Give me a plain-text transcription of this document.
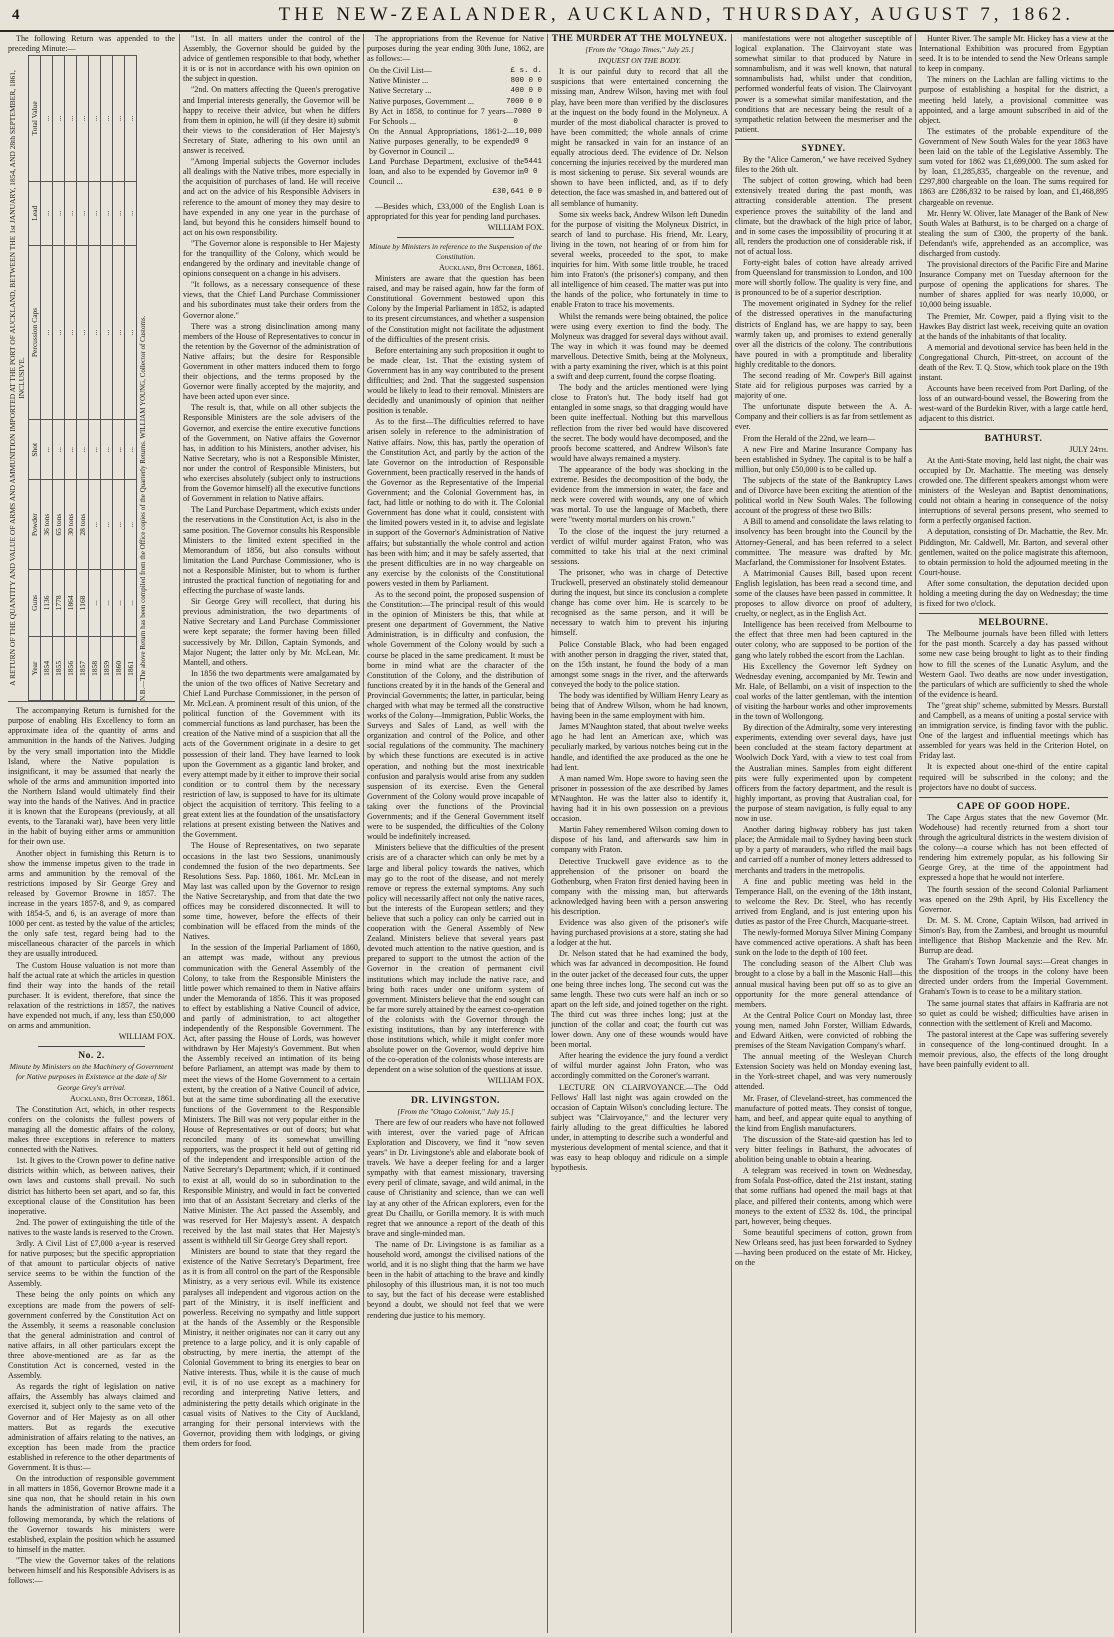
4	THE NEW-ZEALANDER, AUCKLAND, THURSDAY, AUGUST 7, 1862.

The following Return was appended to the preceding Minute:—

A RETURN OF THE QUANTITY AND VALUE OF ARMS AND AMMUNITION IMPORTED AT THE PORT OF AUCKLAND, BETWEEN THE 1st JANUARY, 1854, AND 28th SEPTEMBER, 1861, INCLUSIVE.
Year	Guns	Powder	Shot	Percussion Caps	Lead	Total Value
1854	1136	36 tons	...	...	...	...
1855	1778	65 tons	...	...	...	...
1856	1864	30 tons	...	...	...	...
1857	1168	28 tons	...	...	...	...
1858	...	...	...	...	...	...
1859	...	...	...	...	...	...
1860	...	...	...	...	...	...
1861	...	...	...	...	...	...
N.B.—The above Return has been compiled from the Office copies of the Quarterly Returns. WILLIAM YOUNG, Collector of Customs.

The accompanying Return is furnished for the purpose of enabling His Excellency to form an approximate idea of the quantity of arms and ammunition in the hands of the Natives. Judging by the very small importation into the Middle Island, where the Native population is insignificant, it may be assumed that nearly the whole of the arms and ammunition imported into the Northern Island would ultimately find their way into the hands of the Natives. And in practice it is known that the Europeans (previously, at all events, to the Taranaki war), have been very little in the habit of buying either arms or ammunition for their own use.

Another object in furnishing this Return is to show the immense impetus given to the trade in arms and ammunition by the removal of the restrictions imposed by Sir George Grey and released by Governor Browne in 1857. The increase in the years 1857-8, and 9, as compared with 1854-5, and 6, is an average of more than 1000 per cent. as tested by the value of the articles; the only safe test, regard being had to the miscellaneous character of the parcels in which they are usually introduced.

The Custom House valuation is not more than half the actual rate at which the articles in question find their way into the hands of the retail purchaser. It is evident, therefore, that since the relaxation of the restrictions in 1857, the natives have expended not much, if any, less than £50,000 on arms and ammunition.

WILLIAM FOX.

No. 2.

Minute by Ministers on the Machinery of Government for Native purposes in Existence at the date of Sir George Grey's arrival.

Auckland, 8th October, 1861.

The Constitution Act, which, in other respects confers on the colonists the fullest powers of managing all the domestic affairs of the colony, makes three exceptions in reference to matters connected with the Natives.

1st. It gives to the Crown power to define native districts within which, as between natives, their own laws and customs shall prevail. No such district has hitherto been set apart, and so far, this exceptional clause of the Constitution has been inoperative.

2nd. The power of extinguishing the title of the natives to the waste lands is reserved to the Crown.

3rdly. A Civil List of £7,000 a-year is reserved for native purposes; but the specific appropriation of that amount to particular objects of native service seems to be within the function of the Assembly.

These being the only points on which any exceptions are made from the powers of self-government conferred by the Constitution Act on the Assembly, it seems a reasonable conclusion that the general administration and control of native affairs, in all other particulars except the three above-mentioned are as far as the Constitution Act is concerned, vested in the Assembly.

As regards the right of legislation on native affairs, the Assembly has always claimed and exercised it, subject only to the same veto of the Governor and of Her Majesty as on all other matters. But as regards the executive administration of affairs relating to the natives, an exception has been made from the practice established in reference to the other departments of Government. It is thus:—

On the introduction of responsible government in all matters in 1856, Governor Browne made it a sine qua non, that he should retain in his own hands the administration of native affairs. The following memoranda, by which the relations of the Governor towards his ministers were established, explain the position which he assumed to himself in the matter.

"The view the Governor takes of the relations between himself and his Responsible Advisers is as follows:—

"1st. In all matters under the control of the Assembly, the Governor should be guided by the advice of gentlemen responsible to that body, whether it is or is not in accordance with his own opinion on the subject in question.

"2nd. On matters affecting the Queen's prerogative and Imperial interests generally, the Governor will be happy to receive their advice, but when he differs from them in opinion, he will (if they desire it) submit their views to the consideration of Her Majesty's Secretary of State, adhering to his own until an answer is received.

"Among Imperial subjects the Governor includes all dealings with the Native tribes, more especially in the acquisition of purchases of land. He will receive and act on the advice of his Responsible Advisers in reference to the amount of money they may desire to have expended in any one year in the purchase of land, but beyond this he considers himself bound to act on his own responsibility.

"The Governor alone is responsible to Her Majesty for the tranquillity of the Colony, which would be endangered by the ordinary and inevitable change of opinions consequent on a change in his advisers.

"It follows, as a necessary consequence of these views, that the Chief Land Purchase Commissioner and his subordinates must take their orders from the Governor alone."

There was a strong disinclination among many members of the House of Representatives to concur in the retention by the Governor of the administration of Native affairs; but the desire for Responsible Government in other matters induced them to forgo their objections, and the terms proposed by the Governor were finally accepted by the majority, and have been acted upon ever since.

The result is, that, while on all other subjects the Responsible Ministers are the sole advisers of the Governor, and exercise the entire executive functions of the Government, on Native affairs the Governor has, in addition to his Ministers, another adviser, his Native Secretary, who is not a Responsible Minister, nor under the control of Responsible Ministers, but who exercises absolutely (subject only to instructions from the Governor himself) all the executive functions of Government in relation to Native affairs.

The Land Purchase Department, which exists under the reservations in the Constitution Act, is also in the same position. The Governor consults his Responsible Ministers to the limited extent specified in the Memorandum of 1856, but also consults without limitation the Land Purchase Commissioner, who is not a Responsible Minister, but to whom is further intrusted the practical function of negotiating for and effecting the purchase of waste lands.

Sir George Grey will recollect, that during his previous administration, the two departments of Native Secretary and Land Purchase Commissioner were kept separate; the former having been filled successively by Mr. Dillon, Captain Symonds, and Major Nugent; the latter only by Mr. McLean, Mr. Mantell, and others.

In 1856 the two departments were amalgamated by the union of the two offices of Native Secretary and Chief Land Purchase Commissioner, in the person of Mr. McLean. A prominent result of this union, of the political function of the Government with its commercial functions as land purchaser, has been the creation of the Native mind of a suspicion that all the acts of the Government originate in a desire to get possession of their land. They have learned to look upon the Government as a gigantic land broker, and every attempt made by it either to improve their social condition or to control them by the necessary restriction of law, is supposed to have for its ultimate object the acquisition of territory. This feeling to a great extent lies at the foundation of the unsatisfactory relations at present existing between the Natives and the Government.

The House of Representatives, on two separate occasions in the last two Sessions, unanimously condemned the fusion of the two departments. See Resolutions Sess. Pap. 1860, 1861. Mr. McLean in May last was called upon by the Governor to resign the Native Secretaryship, and from that date the two offices may be considered disconnected. It will to some time, however, before the effects of their combination will be effaced from the minds of the Natives.

In the session of the Imperial Parliament of 1860, an attempt was made, without any previous communication with the General Assembly of the Colony, to take from the Responsible Ministers the little power which remained to them in Native affairs under the Memoranda of 1856. This it was proposed to effect by establishing a Native Council of advice, and partly of administration, to act altogether independently of the Responsible Government. The Act, after passing the House of Lords, was however withdrawn by Her Majesty's Government. But when the Assembly received an intimation of its being before Parliament, an attempt was made by them to meet the views of the Home Government to a certain extent, by the creation of a Native Council of advice, but at the same time subordinating all the executive functions of the Government to the Responsible Ministers. The Bill was not very popular either in the House of Representatives or out of doors; but what reconciled many of its somewhat unwilling supporters, was the prospect it held out of getting rid of the independent and irresponsible action of the Native Secretary's Department; which, if it continued to exist at all, would do so in subordination to the Responsible Ministry, and would in fact be converted into that of an Assistant Secretary and clerks of the Native Minister. The Act passed the Assembly, and was reserved for Her Majesty's assent. A despatch received by the last mail states that Her Majesty's assent is withheld till Sir George Grey shall report.

Ministers are bound to state that they regard the existence of the Native Secretary's Department, free as it is from all control on the part of the Responsible Ministry, as a very serious evil. While its existence paralyses all independent and vigorous action on the part of the Ministry, it is itself inefficient and powerless. Receiving no sympathy and little support at the hands of the Assembly or the Responsible Ministry, it neither originates nor can it carry out any pretence to a large policy, and it is only capable of obstructing, by mere inertia, the attempt of the Colonial Government to bring its energies to bear on Native interests. Thus, while it is the cause of much evil, it is of no use except as a machinery for recording and interpreting Native letters, and administering the petty details which originate in the casual visits of Natives to the City of Auckland, arranging for their personal interviews with the Governor, providing them with lodgings, or giving them orders for food.

The appropriations from the Revenue for Native purposes during the year ending 30th June, 1862, are as follows:—

On the Civil List—	£ s. d.
Native Minister ...	800 0 0
Native Secretary ...	400 0 0
Native purposes, Government ...	7000 0 0
By Act in 1858, to continue for 7 years—For Schools ...
7000 0 0
On the Annual Appropriations, 1861-2—Native purposes generally, to be expended by Governor in Council ...
10,000 0 0
Land Purchase Department, exclusive of the loan, and also to be expended by Governor in Council ...
5441 0 0
£30,641 0 0

—Besides which, £33,000 of the English Loan is appropriated for this year for pending land purchases.

WILLIAM FOX.

Minute by Ministers in reference to the Suspension of the Constitution.

Auckland, 8th October, 1861.

Ministers are aware that the question has been raised, and may be raised again, how far the form of Constitutional Government bestowed upon this Colony by the Imperial Parliament in 1852, is adapted to its present circumstances, and whether a suspension of the Constitution might not facilitate the adjustment of the difficulties of the present crisis.

Before entertaining any such proposition it ought to be made clear, 1st. That the existing system of Government has in any way contributed to the present difficulties; and 2nd. That the suggested suspension would be likely to lead to their removal. Ministers are decidedly and unanimously of opinion that neither position is tenable.

As to the first—The difficulties referred to have arisen solely in reference to the administration of Native affairs. Now, this has, partly the operation of the Constitution Act, and partly by the action of the late Governor on the introduction of Responsible Government, been practically reserved in the hands of the Governor as the Representative of the Imperial Government; and the Colonial Government has, in fact, had little or nothing to do with it. The Colonial Government has done what it could, consistent with the limited powers vested in it, to advise and legislate in support of the Governor's Administration of Native affairs; but substantially the whole control and action has been with him; and it may be safely asserted, that the present difficulties are in no way chargeable on any exercise by the colonists of the Constitutional powers vested in them by Parliament.

As to the second point, the proposed suspension of the Constitution:—The principal result of this would in the opinion of Ministers be this, that while at present one department of Government, the Native Administration, is in difficulty and confusion, the whole Government of the Colony would by such a course be placed in the same predicament. It must be borne in mind what are the character of the Constitution of the Colony, and the distribution of functions created by it in the hands of the General and Provincial Governments; the latter, in particular, being charged with what may be termed all the constructive works of the Colony—Immigration, Public Works, the Surveys and Sales of Land, as well with the organization and control of the Police, and other social regulations of the community. The machinery by which these functions are executed is in active operation, and nothing but the most inextricable confusion and paralysis would arise from any sudden suspension of its exercise. Even the General Government of the Colony would prove incapable of taking over the functions of the Provincial Governments; and if the General Government itself were to be suspended, the difficulties of the Colony would be indefinitely increased.

Ministers believe that the difficulties of the present crisis are of a character which can only be met by a large and liberal policy towards the natives, which may go to the root of the disease, and not merely remove or repress the external symptoms. Any such policy will necessarily affect not only the native races, but the interests of the European settlers; and they believe that such a policy can only be carried out in cooperation with the General Assembly of New Zealand. Ministers believe that several years past devoted much attention to the native question, and is prepared to support to the utmost the action of the Governor in the creation of permanent civil institutions which may include the native race, and bring both races under one uniform system of government. Ministers believe that the end sought can be far more surely attained by the earnest co-operation of the colonists with the Governor through the existing institutions, than by any interference with those institutions which, while it might confer more absolute power on the Governor, would deprive him of the co-operation of the colonists whose interests are dependent on a wise solution of the questions at issue.

WILLIAM FOX.

DR. LIVINGSTON.

[From the "Otago Colonist," July 15.]

There are few of our readers who have not followed with interest, over the varied page of African Exploration and Discovery, we find it "now seven years" in Dr. Livingstone's able and elaborate book of travels. We have a deeper feeling for and a larger sympathy with that earnest missionary, traversing every peril of climate, savage, and wild animal, in the cause of Christianity and science, than we can well lay at any other of the African explorers, even for the great Du Chaillu, or Gorilla memory. It is with much regret that we announce a report of the death of this brave and single-minded man.

The name of Dr. Livingstone is as familiar as a household word, amongst the civilised nations of the world, and it is no slight thing that the harm we have been in the habit of attaching to the brave and kindly philosophy of this illustrious man, it is not too much to say, but the fact of his decease were established beyond a doubt, we should not feel that we were rendering due justice to his memory.

THE MURDER AT THE MOLYNEUX.

[From the "Otago Times," July 25.]

INQUEST ON THE BODY.

It is our painful duty to record that all the suspicions that were entertained concerning the missing man, Andrew Wilson, having met with foul play, have been more than verified by the disclosures at the inquest on the body found in the Molyneux. A murder of the most diabolical character is proved to have been committed; the whole annals of crime might be ransacked in vain for an instance of an equally atrocious deed. The evidence of Dr. Nelson concerning the injuries received by the murdered man is most sickening to peruse. Six several wounds are shown to have been inflicted, and, as if to defy detection, the face was smashed in, and battered out of all semblance of humanity.

Some six weeks back, Andrew Wilson left Dunedin for the purpose of visiting the Molyneux District, in search of land to purchase. His friend, Mr. Leary, living in the town, not hearing of or from him for several weeks, proceeded to the spot, to make inquiries for him. With some little trouble, he traced him into Fraton's (the prisoner's) company, and then all intelligence of him ceased. The matter was put into the hands of the police, who fortunately in time to enable Fraton to trace his movements.

Whilst the remands were being obtained, the police were using every exertion to find the body. The Molyneux was dragged for several days without avail. The way in which it was found may be deemed marvellous. Detective Smith, being at the Molyneux, with a party examining the river, which is at this point a swift and deep current, found the corpse floating.

The body and the articles mentioned were lying close to Fraton's hut. The body itself had got entangled in some snags, so that dragging would have been quite ineffectual. Nothing but this marvellous reflection from the river bed would have discovered the secret. The body would have decomposed, and the proofs become scattered, and Andrew Wilson's fate would have always remained a mystery.

The appearance of the body was shocking in the extreme. Besides the decomposition of the body, the evidence from the immersion in water, the face and neck were covered with wounds, any one of which was mortal. To use the language of Macbeth, there were "twenty mortal murders on his crown."

To the close of the inquest the jury returned a verdict of wilful murder against Fraton, who was committed to take his trial at the next criminal sessions.

The prisoner, who was in charge of Detective Truckwell, preserved an obstinately stolid demeanour during the inquest, but since its conclusion a complete change has come over him. He is scarcely to be recognised as the same person, and it will be necessary to watch him to prevent his injuring himself.

Police Constable Black, who had been engaged with another person in dragging the river, stated that, on the 15th instant, he found the body of a man amongst some snags in the river, and the afterwards conveyed the body to the police station.

The body was identified by William Henry Leary as being that of Andrew Wilson, whom he had known, having been in the same employment with him.

James M'Naughton stated, that about twelve weeks ago he had lent an American axe, which was peculiarly marked, by various notches being cut in the handle, and identified the axe produced as the one he had lent.

A man named Wm. Hope swore to having seen the prisoner in possession of the axe described by James M'Naughton. He was the latter also to identify it, having had it in his own possession on a previous occasion.

Martin Fahey remembered Wilson coming down to dispose of his land, and afterwards saw him in company with Fraton.

Detective Truckwell gave evidence as to the apprehension of the prisoner on board the Gothenburg, when Fraton first denied having been in company with the missing man, but afterwards acknowledged having been with a person answering his description.

Evidence was also given of the prisoner's wife having purchased provisions at a store, stating she had a lodger at the hut.

Dr. Nelson stated that he had examined the body, which was far advanced in decomposition. He found in the outer jacket of the deceased four cuts, the upper one being three inches long. The second cut was the same length. These two cuts were half an inch or so apart on the left side, and joined together on the right. The third cut was three inches long; just at the junction of the collar and coat; the fourth cut was lower down. Any one of these wounds would have been mortal.

After hearing the evidence the jury found a verdict of wilful murder against John Fraton, who was accordingly committed on the Coroner's warrant.

LECTURE ON CLAIRVOYANCE.—The Odd Fellows' Hall last night was again crowded on the occasion of Captain Wilson's concluding lecture. The subject was "Clairvoyance," and the lecturer very fairly alluding to the great difficulties he labored under, in attempting to describe such a wonderful and mysterious development of mental science, and that it was easy to heap obloquy and ridicule on a simple hypothesis.

manifestations were not altogether susceptible of logical explanation. The Clairvoyant state was somewhat similar to that produced by Nature in somnambulism, and it was well known, that natural somnambulists had, whilst under that condition, performed wonderful feats of vision. The Clairvoyant power is a somewhat similar manifestation, and the conditions that are necessary being the result of a sympathetic relation between the mesmeriser and the patient.

SYDNEY.

By the "Alice Cameron," we have received Sydney files to the 26th ult.

The subject of cotton growing, which had been extensively treated during the past month, was attracting considerable attention. The present experience proves the suitability of the land and climate, but the drawback of the high price of labor, and in some cases the impossibility of procuring it at all, renders the production one of considerable risk, if not of actual loss.

Forty-eight bales of cotton have already arrived from Queensland for transmission to London, and 100 more will shortly follow. The quality is very fine, and is pronounced to be of a superior description.

The movement originated in Sydney for the relief of the distressed operatives in the manufacturing districts of England has, we are happy to say, been warmly taken up, and promises to extend generally over all the districts of the colony. The contributions have poured in with a promptitude and liberality highly creditable to the donors.

The second reading of Mr. Cowper's Bill against State aid for religious purposes was carried by a majority of one.

The unfortunate dispute between the A. A. Company and their colliers is as far from settlement as ever.

From the Herald of the 22nd, we learn—

A new Fire and Marine Insurance Company has been established in Sydney. The capital is to be half a million, but only £50,000 is to be called up.

The subjects of the state of the Bankruptcy Laws and of Divorce have been exciting the attention of the political world in New South Wales. The following account of the progress of these two Bills:

A Bill to amend and consolidate the laws relating to insolvency has been brought into the Council by the Attorney-General, and has been referred to a select committee. The measure was drafted by Mr. Macfarland, the Commissioner for Insolvent Estates.

A Matrimonial Causes Bill, based upon recent English legislation, has been read a second time, and some of the clauses have been passed in committee. It proposes to allow divorce on proof of adultery, cruelty, or neglect, as in the English Act.

Intelligence has been received from Melbourne to the effect that three men had been captured in the outer colony, who are supposed to be portion of the gang who lately robbed the escort from the Lachlan.

His Excellency the Governor left Sydney on Wednesday evening, accompanied by Mr. Tewin and Mr. Hale, of Bellambi, on a visit of inspection to the coal works of the latter gentleman, with the intention of visiting the harbour works and other improvements in the town of Wollongong.

By direction of the Admiralty, some very interesting experiments, extending over several days, have just been concluded at the steam factory department at Woolwich Dock Yard, with a view to test coal from the Australian mines. Samples from eight different pits were fully experimented upon by competent officers from the factory department, and the result is highly important, as proving that Australian coal, for the purpose of steam navigation, is fully equal to any now in use.

Another daring highway robbery has just taken place; the Armidale mail to Sydney having been stuck up by a party of marauders, who rifled the mail bags and carried off a number of money letters addressed to merchants and traders in the metropolis.

A fine and public meeting was held in the Temperance Hall, on the evening of the 18th instant, to welcome the Rev. Dr. Steel, who has recently arrived from England, and is just entering upon his duties as pastor of the Free Church, Macquarie-street.

The newly-formed Moruya Silver Mining Company have commenced active operations. A shaft has been sunk on the lode to the depth of 100 feet.

The concluding season of the Albert Club was brought to a close by a ball in the Masonic Hall—this annual musical having been put off so as to give an opportunity for the more general attendance of members.

At the Central Police Court on Monday last, three young men, named John Forster, William Edwards, and Edward Aitken, were convicted of robbing the premises of the Steam Navigation Company's wharf.

The annual meeting of the Wesleyan Church Extension Society was held on Monday evening last, in the York-street chapel, and was very numerously attended.

Mr. Fraser, of Cleveland-street, has commenced the manufacture of potted meats. They consist of tongue, ham, and beef, and appear quite equal to anything of the kind from English manufacturers.

The discussion of the State-aid question has led to very bitter feelings in Bathurst, the advocates of abolition being unable to obtain a hearing.

A telegram was received in town on Wednesday, from Sofala Post-office, dated the 21st instant, stating that some ruffians had opened the mail bags at that place, and pilfered their contents, among which were moneys to the extent of £532 8s. 10d., the principal part, however, being cheques.

Some beautiful specimens of cotton, grown from New Orleans seed, has just been forwarded to Sydney—having been produced on the estate of Mr. Hickey, on the

Hunter River. The sample Mr. Hickey has a view at the International Exhibition was procured from Egyptian seed. It is to be intended to send the New Orleans sample to keep in company.

The miners on the Lachlan are falling victims to the purpose of establishing a hospital for the district, a meeting held lately, a provisional committee was appointed, and a large amount subscribed in aid of the object.

The estimates of the probable expenditure of the Government of New South Wales for the year 1863 have been laid on the table of the Legislative Assembly. The sum voted for 1862 was £1,699,000. The sum asked for by loan, £1,285,835, chargeable on the revenue, and £297,800 chargeable on the loan. The sums required for 1863 are £286,832 to be raised by loan, and £1,468,895 chargeable on revenue.

Mr. Henry W. Oliver, late Manager of the Bank of New South Wales at Bathurst, is to be charged on a charge of stealing the sum of £300, the property of the bank. Defendant's wife, apprehended as an accomplice, was discharged from custody.

The provisional directors of the Pacific Fire and Marine Insurance Company met on Tuesday afternoon for the purpose of opening the applications for shares. The number of shares applied for was nearly 10,000, or 10,000 being issuable.

The Premier, Mr. Cowper, paid a flying visit to the Hawkes Bay district last week, receiving quite an ovation at the hands of the inhabitants of that locality.

A memorial and devotional service has been held in the Congregational Church, Pitt-street, on account of the death of the Rev. T. Q. Stow, which took place on the 19th instant.

Accounts have been received from Port Darling, of the loss of an outward-bound vessel, the Bowering from the west-ward of the Burdekin River, with a large cattle herd, adjacent to this district.

BATHURST.

JULY 24th.

At the Anti-State moving, held last night, the chair was occupied by Dr. Machattie. The meeting was densely crowded one. The different speakers amongst whom were ministers of the Wesleyan and Baptist denominations, could not obtain a hearing in consequence of the noisy interruptions of several persons present, who seemed to form a perfectly organised faction.

A deputation, consisting of Dr. Machattie, the Rev. Mr. Piddington, Mr. Caldwell, Mr. Barton, and several other gentlemen, waited on the police magistrate this afternoon, to obtain permission to hold the adjourned meeting in the Court-house.

After some consultation, the deputation decided upon holding a meeting during the day on Wednesday; the time is fixed for two o'clock.

MELBOURNE.

The Melbourne journals have been filled with letters for the past month. Scarcely a day has passed without some new case being brought to light as to their finding how to fill the scenes of the Lunatic Asylum, and the Western Gaol. Two deaths are now under investigation, the particulars of which are sufficiently to shed the whole of the evidence is heard.

The "great ship" scheme, submitted by Messrs. Burstall and Campbell, as a means of uniting a postal service with an immigration service, is finding favor with the public. One of the largest and influential meetings which has assembled for years was held in the Criterion Hotel, on Friday last.

It is expected about one-third of the entire capital required will be subscribed in the colony; and the projectors have no doubt of success.

CAPE OF GOOD HOPE.

The Cape Argus states that the new Governor (Mr. Wodehouse) had recently returned from a short tour through the agricultural districts in the western division of the colony—a course which has not been effected of rendering him extremely popular, as his following Sir George Grey, at the time of the appointment had expressed a hope that he would not interfere.

The fourth session of the second Colonial Parliament was opened on the 29th April, by His Excellency the Governor.

Dr. M. S. M. Crone, Captain Wilson, had arrived in Simon's Bay, from the Zambesi, and brought us mournful intelligence that Bishop Mackenzie and the Rev. Mr. Burrup are dead.

The Graham's Town Journal says:—Great changes in the disposition of the troops in the colony have been directed under orders from the Imperial Government. Graham's Town is to cease to be a military station.

The same journal states that affairs in Kaffraria are not so quiet as could be wished; difficulties have arisen in connection with the settlement of Kreli and Macomo.

The pastoral interest at the Cape was suffering severely in consequence of the long-continued drought. In a memoir previous, also, the effects of the long drought have been painfully evident to all.
